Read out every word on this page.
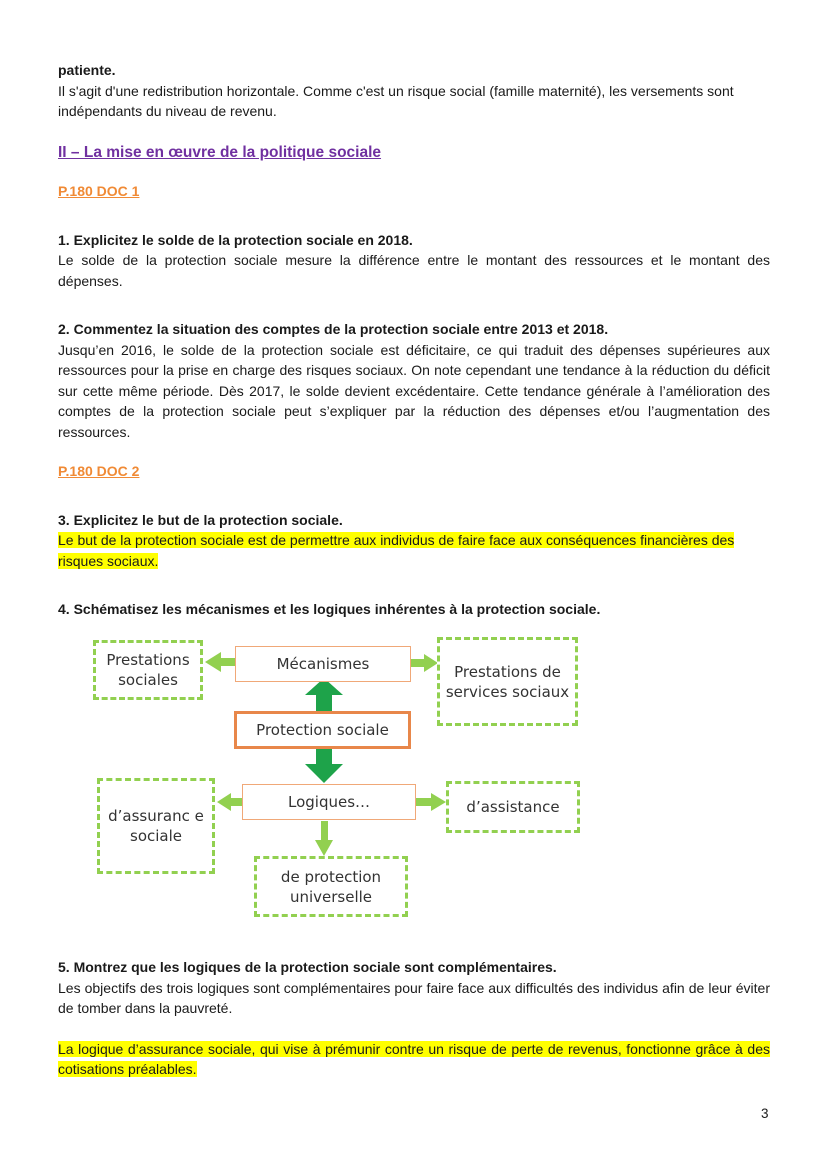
patiente.

Il s'agit d'une redistribution horizontale. Comme c'est un risque social (famille maternité), les versements sont indépendants du niveau de revenu.

II – La mise en œuvre de la politique sociale

P.180 DOC 1

1. Explicitez le solde de la protection sociale en 2018.

Le solde de la protection sociale mesure la différence entre le montant des ressources et le montant des dépenses.

2. Commentez la situation des comptes de la protection sociale entre 2013 et 2018.

Jusqu’en 2016, le solde de la protection sociale est déficitaire, ce qui traduit des dépenses supérieures aux ressources pour la prise en charge des risques sociaux. On note cependant une tendance à la réduction du déficit sur cette même période. Dès 2017, le solde devient excédentaire. Cette tendance générale à l’amélioration des comptes de la protection sociale peut s’expliquer par la réduction des dépenses et/ou l’augmentation des ressources.

P.180 DOC 2

3. Explicitez le but de la protection sociale.

Le but de la protection sociale est de permettre aux individus de faire face aux conséquences financières des risques sociaux.

4. Schématisez les mécanismes et les logiques inhérentes à la protection sociale.

Prestations sociales
Mécanismes	Prestations de services sociaux
Protection sociale
d’assuranc e sociale
Logiques…	d’assistance
de protection universelle

5. Montrez que les logiques de la protection sociale sont complémentaires.

Les objectifs des trois logiques sont complémentaires pour faire face aux difficultés des individus afin de leur éviter de tomber dans la pauvreté.

La logique d’assurance sociale, qui vise à prémunir contre un risque de perte de revenus, fonctionne grâce à des cotisations préalables.

3
